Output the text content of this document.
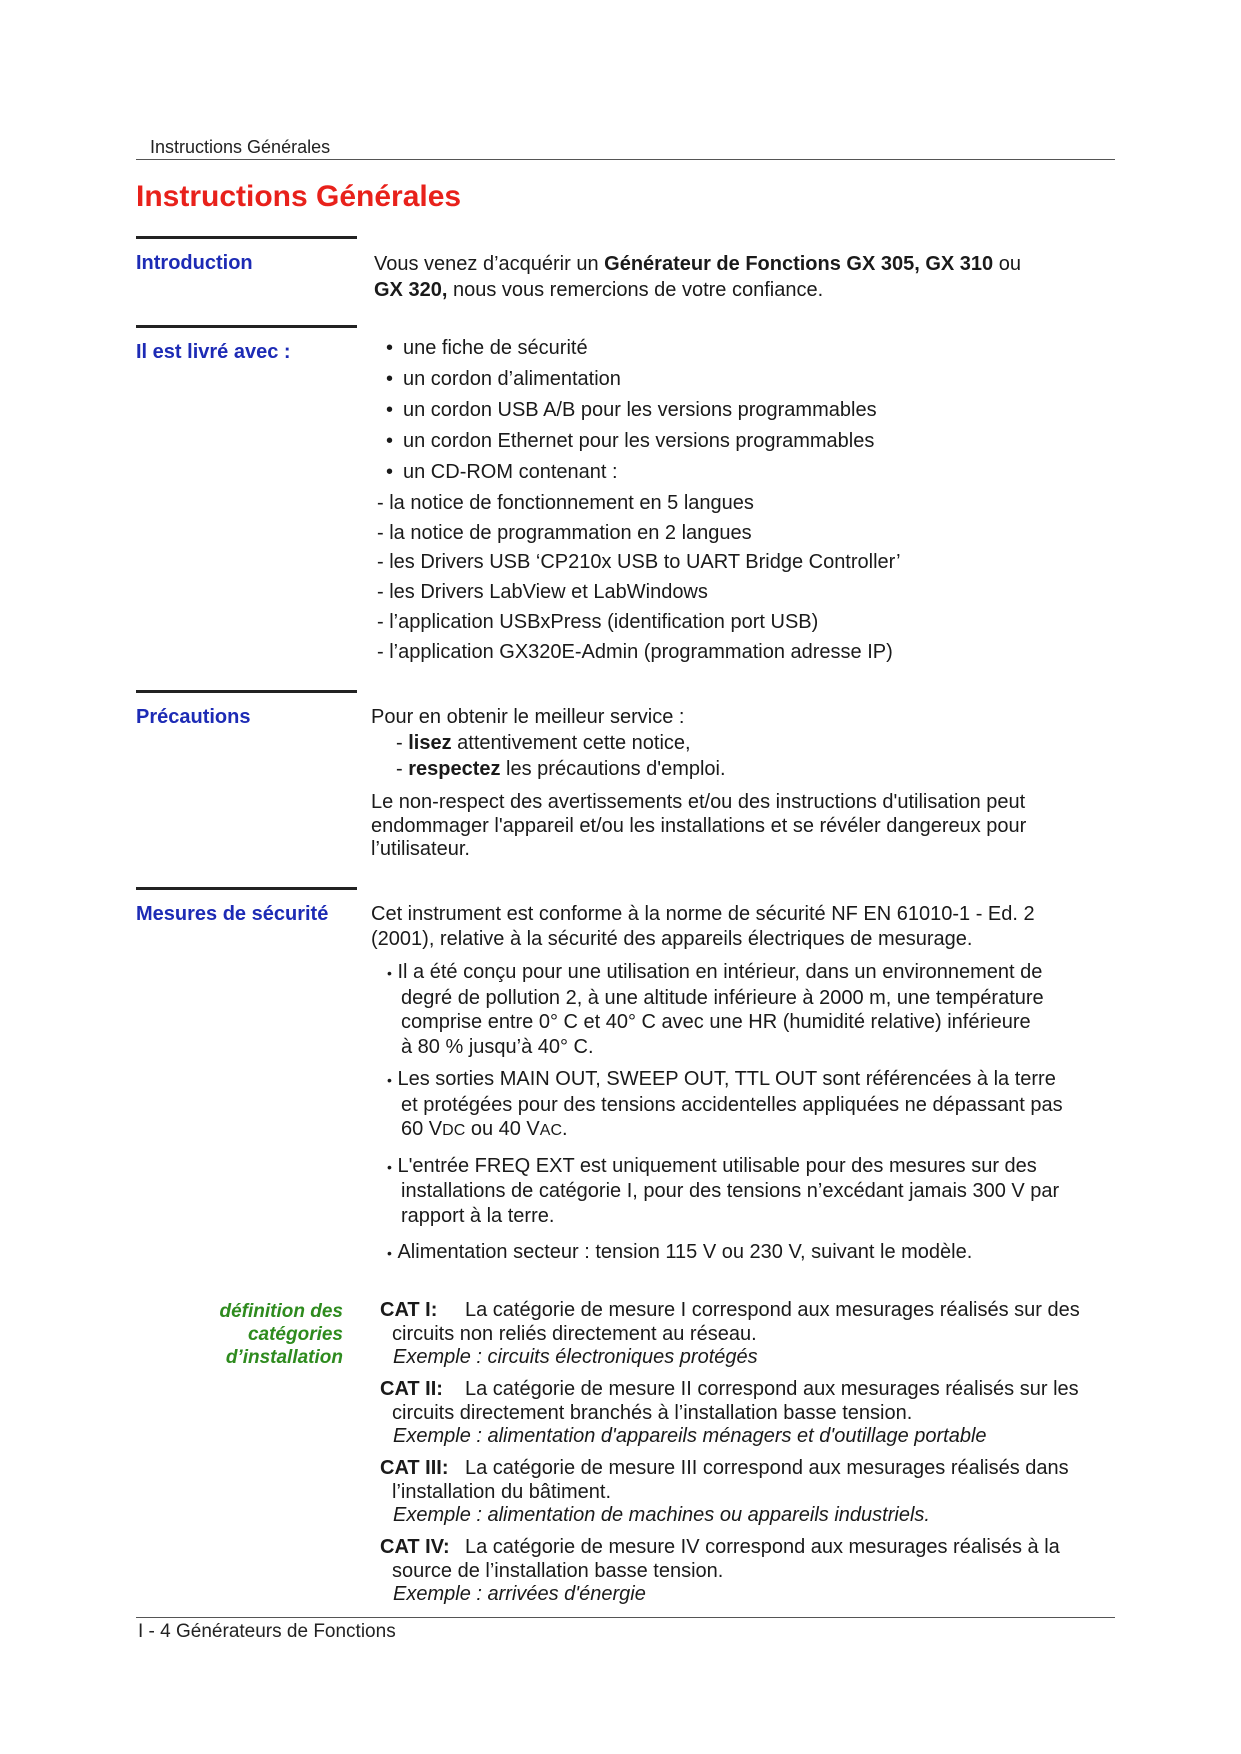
Instructions Générales
Instructions Générales
Introduction	Vous venez d’acquérir un Générateur de Fonctions GX 305, GX 310 ou
GX 320, nous vous remercions de votre confiance.
Il est livré avec :
•	une fiche de sécurité
• un cordon d’alimentation
• un cordon USB A/B pour les versions programmables
• un cordon Ethernet pour les versions programmables
• un CD-ROM contenant :
- la notice de fonctionnement en 5 langues
- la notice de programmation en 2 langues
- les Drivers USB ‘CP210x USB to UART Bridge Controller’
- les Drivers LabView et LabWindows
- l’application USBxPress (identification port USB)
- l’application GX320E-Admin (programmation adresse IP)
Précautions	Pour en obtenir le meilleur service :
- lisez attentivement cette notice,
- respectez les précautions d'emploi.
Le non-respect des avertissements et/ou des instructions d'utilisation peut
endommager l'appareil et/ou les installations et se révéler dangereux pour
l’utilisateur.
Mesures de sécurité Cet instrument est conforme à la norme de sécurité NF EN 61010-1 - Ed. 2
(2001), relative à la sécurité des appareils électriques de mesurage.

• Il a été conçu pour une utilisation en intérieur, dans un environnement de
degré de pollution 2, à une altitude inférieure à 2000 m, une température
comprise entre 0° C et 40° C avec une HR (humidité relative) inférieure
à 80 % jusqu’à 40° C.

• Les sorties MAIN OUT, SWEEP OUT, TTL OUT sont référencées à la terre
et protégées pour des tensions accidentelles appliquées ne dépassant pas
60 VDC ou 40 VAC.

• L'entrée FREQ EXT est uniquement utilisable pour des mesures sur des
installations de catégorie I, pour des tensions n’excédant jamais 300 V par
rapport à la terre.

• Alimentation secteur : tension 115 V ou 230 V, suivant le modèle.

définition des
catégories
d’installation
CAT I: La catégorie de mesure I correspond aux mesurages réalisés sur des
circuits non reliés directement au réseau.
Exemple : circuits électroniques protégés
CAT II: La catégorie de mesure II correspond aux mesurages réalisés sur les
circuits directement branchés à l’installation basse tension.
Exemple : alimentation d'appareils ménagers et d'outillage portable
CAT III: La catégorie de mesure III correspond aux mesurages réalisés dans
l’installation du bâtiment.
Exemple : alimentation de machines ou appareils industriels.
CAT IV: La catégorie de mesure IV correspond aux mesurages réalisés à la
source de l’installation basse tension.
Exemple : arrivées d'énergie
I - 4 Générateurs de Fonctions
